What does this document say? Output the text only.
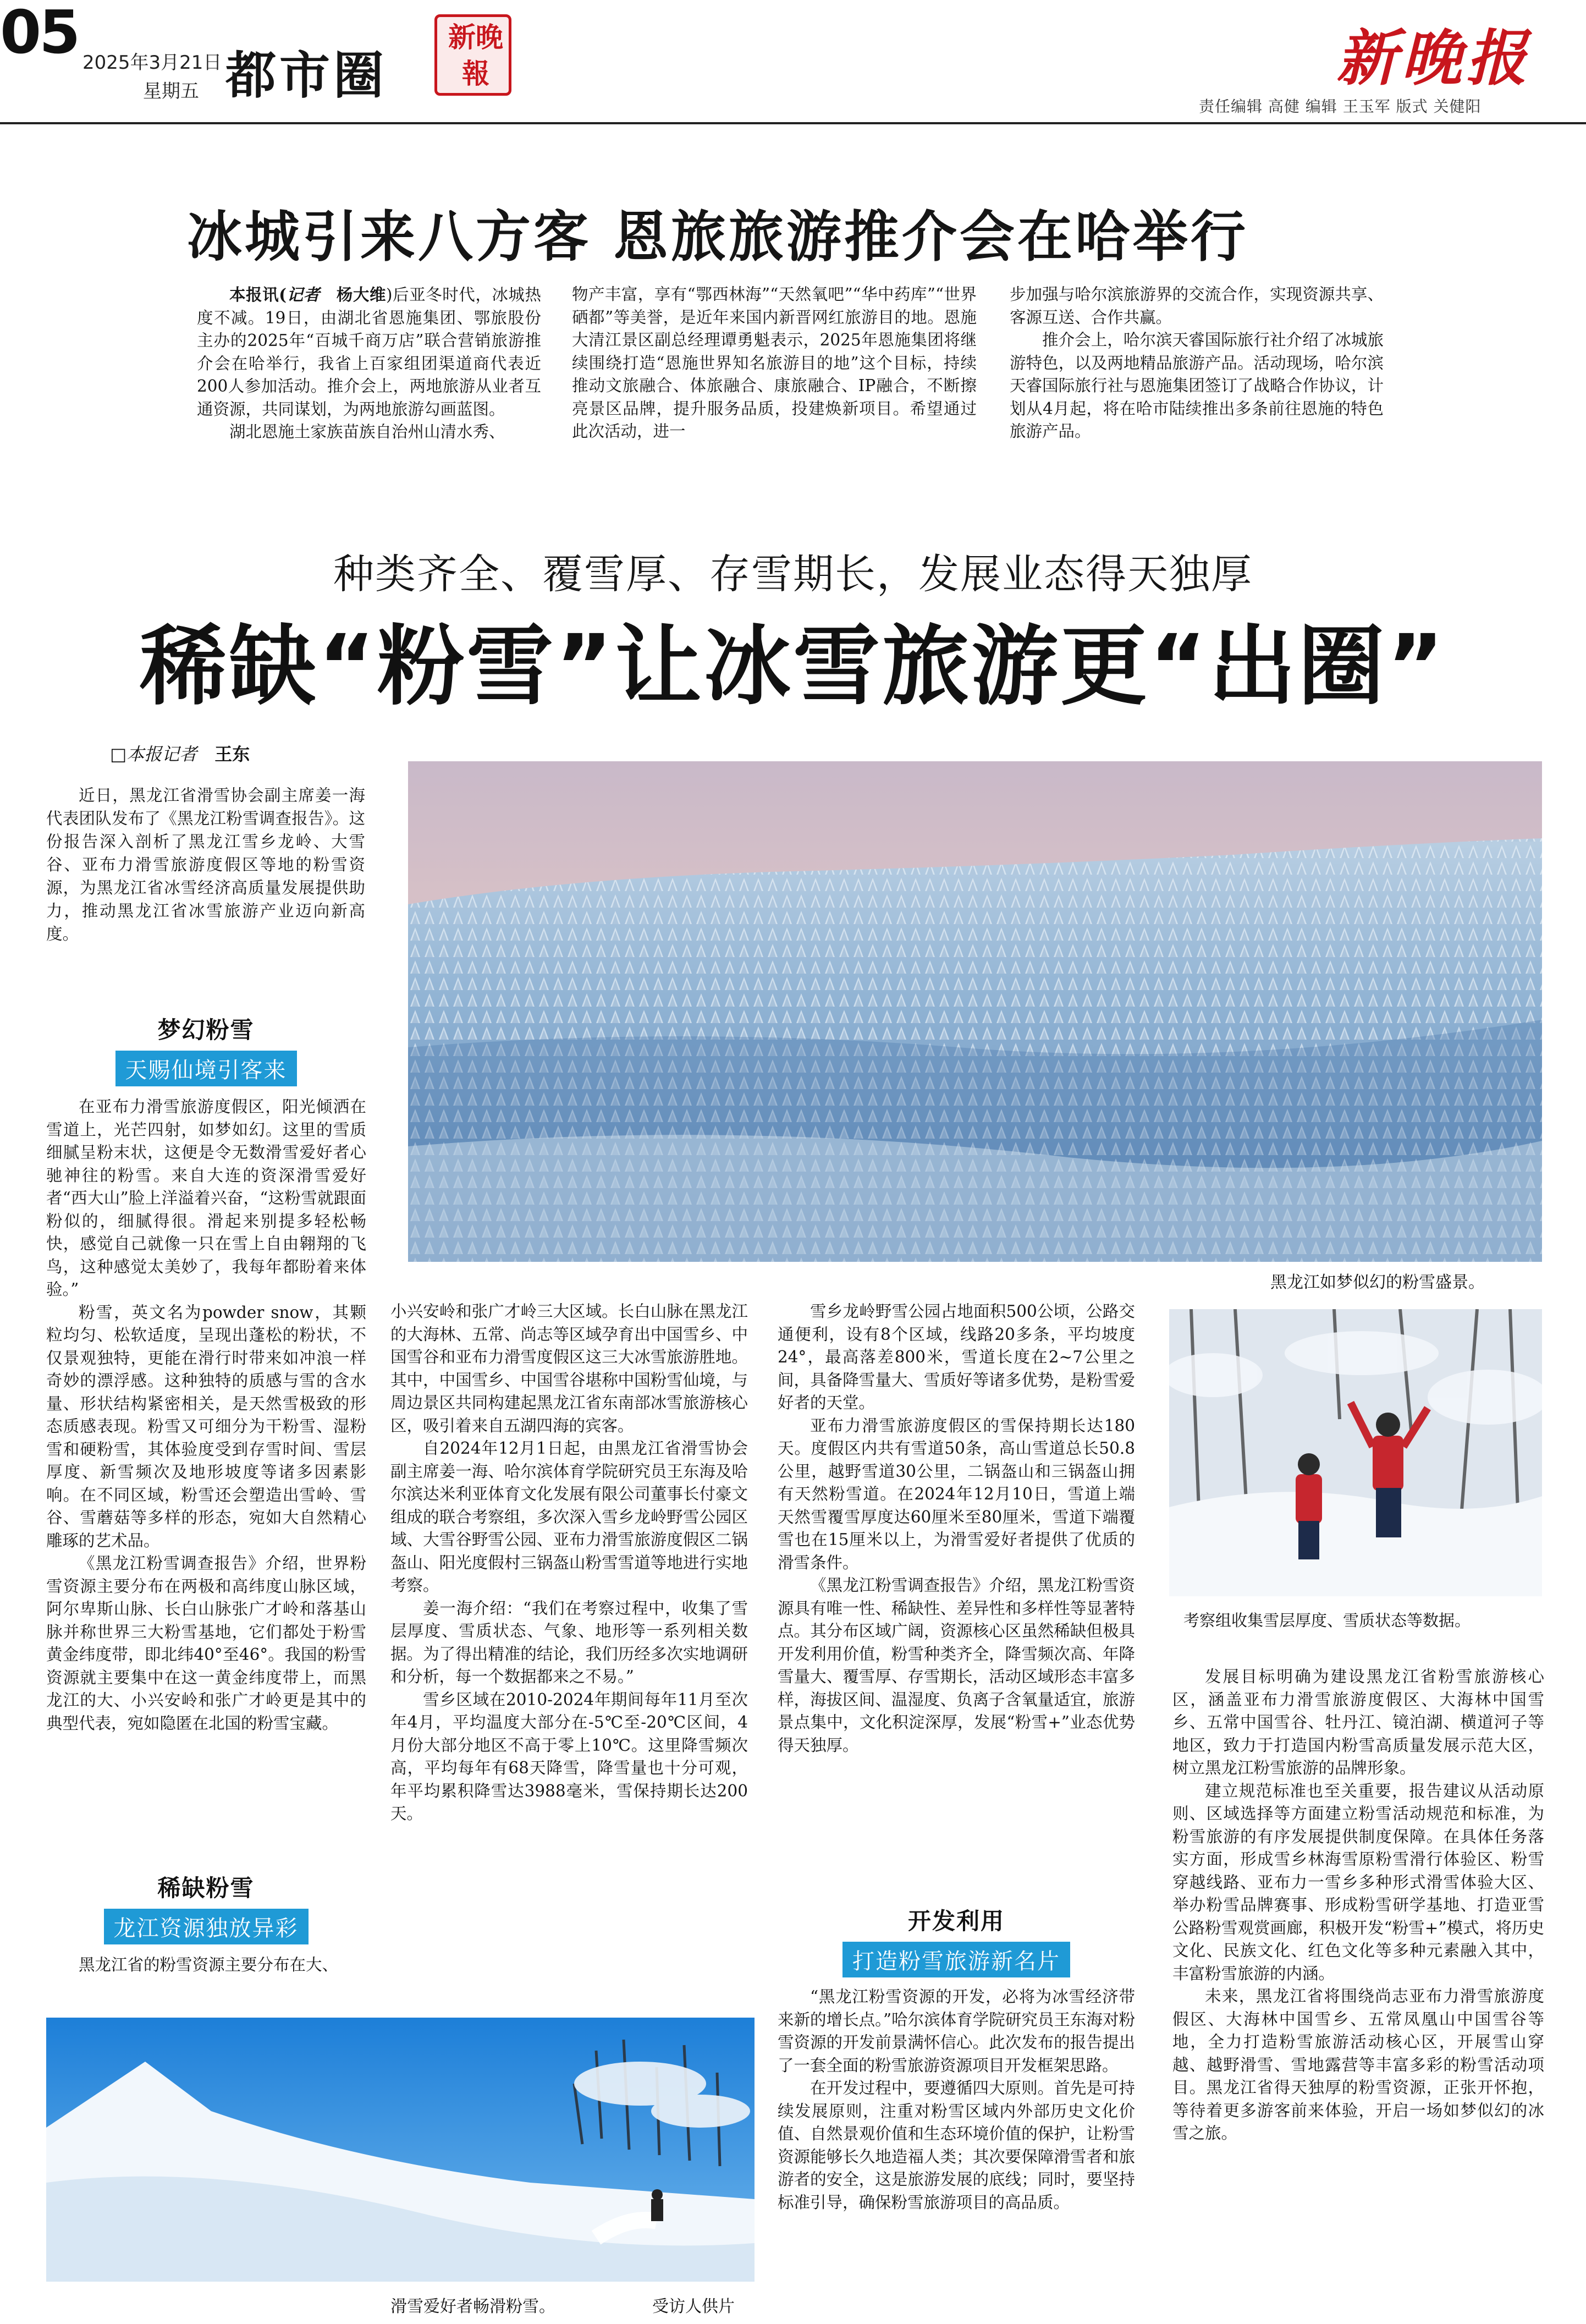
05 2025年3月21日
星期五 都市圈
新晚報	新晚报
责任编辑 高健 编辑 王玉军 版式 关健阳
冰城引来八方客 恩旅旅游推介会在哈举行

本报讯(记者　 杨大维)后亚冬时代，冰城热度不减。19日，由湖北省恩施集团、鄂旅股份主办的2025年“百城千商万店”联合营销旅游推介会在哈举行，我省上百家组团渠道商代表近200人参加活动。推介会上，两地旅游从业者互通资源，共同谋划，为两地旅游勾画蓝图。

湖北恩施土家族苗族自治州山清水秀、

物产丰富，享有“鄂西林海”“天然氧吧”“华中药库”“世界硒都”等美誉，是近年来国内新晋网红旅游目的地。恩施大清江景区副总经理谭勇魁表示，2025年恩施集团将继续围绕打造“恩施世界知名旅游目的地”这个目标，持续推动文旅融合、体旅融合、康旅融合、IP融合，不断擦亮景区品牌，提升服务品质，投建焕新项目。希望通过此次活动，进一

步加强与哈尔滨旅游界的交流合作，实现资源共享、客源互送、合作共赢。

推介会上，哈尔滨天睿国际旅行社介绍了冰城旅游特色，以及两地精品旅游产品。活动现场，哈尔滨天睿国际旅行社与恩施集团签订了战略合作协议，计划从4月起，将在哈市陆续推出多条前往恩施的特色旅游产品。

种类齐全、覆雪厚、存雪期长，发展业态得天独厚
稀缺“粉雪”让冰雪旅游更“出圈”
□本报记者　 王东

近日，黑龙江省滑雪协会副主席姜一海代表团队发布了《黑龙江粉雪调查报告》。这份报告深入剖析了黑龙江雪乡龙岭、大雪谷、亚布力滑雪旅游度假区等地的粉雪资源，为黑龙江省冰雪经济高质量发展提供助力，推动黑龙江省冰雪旅游产业迈向新高度。

黑龙江如梦似幻的粉雪盛景。
梦幻粉雪
天赐仙境引客来

在亚布力滑雪旅游度假区，阳光倾洒在雪道上，光芒四射，如梦如幻。这里的雪质细腻呈粉末状，这便是令无数滑雪爱好者心驰神往的粉雪。来自大连的资深滑雪爱好者“西大山”脸上洋溢着兴奋，“这粉雪就跟面粉似的，细腻得很。滑起来别提多轻松畅快，感觉自己就像一只在雪上自由翱翔的飞鸟，这种感觉太美妙了，我每年都盼着来体验。”

粉雪，英文名为powder snow，其颗粒均匀、松软适度，呈现出蓬松的粉状，不仅景观独特，更能在滑行时带来如冲浪一样奇妙的漂浮感。这种独特的质感与雪的含水量、形状结构紧密相关，是天然雪极致的形态质感表现。粉雪又可细分为干粉雪、湿粉雪和硬粉雪，其体验度受到存雪时间、雪层厚度、新雪频次及地形坡度等诸多因素影响。在不同区域，粉雪还会塑造出雪岭、雪谷、雪蘑菇等多样的形态，宛如大自然精心雕琢的艺术品。

《黑龙江粉雪调查报告》介绍，世界粉雪资源主要分布在两极和高纬度山脉区域，阿尔卑斯山脉、长白山脉张广才岭和落基山脉并称世界三大粉雪基地，它们都处于粉雪黄金纬度带，即北纬40°至46°。我国的粉雪资源就主要集中在这一黄金纬度带上，而黑龙江的大、小兴安岭和张广才岭更是其中的典型代表，宛如隐匿在北国的粉雪宝藏。

稀缺粉雪
龙江资源独放异彩

黑龙江省的粉雪资源主要分布在大、

小兴安岭和张广才岭三大区域。长白山脉在黑龙江的大海林、五常、尚志等区域孕育出中国雪乡、中国雪谷和亚布力滑雪度假区这三大冰雪旅游胜地。其中，中国雪乡、中国雪谷堪称中国粉雪仙境，与周边景区共同构建起黑龙江省东南部冰雪旅游核心区，吸引着来自五湖四海的宾客。

自2024年12月1日起，由黑龙江省滑雪协会副主席姜一海、哈尔滨体育学院研究员王东海及哈尔滨达米利亚体育文化发展有限公司董事长付豪文组成的联合考察组，多次深入雪乡龙岭野雪公园区域、大雪谷野雪公园、亚布力滑雪旅游度假区二锅盔山、阳光度假村三锅盔山粉雪雪道等地进行实地考察。

姜一海介绍：“我们在考察过程中，收集了雪层厚度、雪质状态、气象、地形等一系列相关数据。为了得出精准的结论，我们历经多次实地调研和分析，每一个数据都来之不易。”

雪乡区域在2010-2024年期间每年11月至次年4月，平均温度大部分在-5℃至-20℃区间，4月份大部分地区不高于零上10℃。这里降雪频次高，平均每年有68天降雪，降雪量也十分可观，年平均累积降雪达3988毫米，雪保持期长达200天。

雪乡龙岭野雪公园占地面积500公顷，公路交通便利，设有8个区域，线路20多条，平均坡度24°，最高落差800米，雪道长度在2~7公里之间，具备降雪量大、雪质好等诸多优势，是粉雪爱好者的天堂。

亚布力滑雪旅游度假区的雪保持期长达180天。度假区内共有雪道50条，高山雪道总长50.8公里，越野雪道30公里，二锅盔山和三锅盔山拥有天然粉雪道。在2024年12月10日，雪道上端天然雪覆雪厚度达60厘米至80厘米，雪道下端覆雪也在15厘米以上，为滑雪爱好者提供了优质的滑雪条件。

《黑龙江粉雪调查报告》介绍，黑龙江粉雪资源具有唯一性、稀缺性、差异性和多样性等显著特点。其分布区域广阔，资源核心区虽然稀缺但极具开发利用价值，粉雪种类齐全，降雪频次高、年降雪量大、覆雪厚、存雪期长，活动区域形态丰富多样，海拔区间、温湿度、负离子含氧量适宜，旅游景点集中，文化积淀深厚，发展“粉雪+”业态优势得天独厚。

开发利用
打造粉雪旅游新名片

“黑龙江粉雪资源的开发，必将为冰雪经济带来新的增长点。”哈尔滨体育学院研究员王东海对粉雪资源的开发前景满怀信心。此次发布的报告提出了一套全面的粉雪旅游资源项目开发框架思路。

在开发过程中，要遵循四大原则。首先是可持续发展原则，注重对粉雪区域内外部历史文化价值、自然景观价值和生态环境价值的保护，让粉雪资源能够长久地造福人类；其次要保障滑雪者和旅游者的安全，这是旅游发展的底线；同时，要坚持标准引导，确保粉雪旅游项目的高品质。

考察组收集雪层厚度、雪质状态等数据。

发展目标明确为建设黑龙江省粉雪旅游核心区，涵盖亚布力滑雪旅游度假区、大海林中国雪乡、五常中国雪谷、牡丹江、镜泊湖、横道河子等地区，致力于打造国内粉雪高质量发展示范大区，树立黑龙江粉雪旅游的品牌形象。

建立规范标准也至关重要，报告建议从活动原则、区域选择等方面建立粉雪活动规范和标准，为粉雪旅游的有序发展提供制度保障。在具体任务落实方面，形成雪乡林海雪原粉雪滑行体验区、粉雪穿越线路、亚布力一雪乡多种形式滑雪体验大区、举办粉雪品牌赛事、形成粉雪研学基地、打造亚雪公路粉雪观赏画廊，积极开发“粉雪+”模式，将历史文化、民族文化、红色文化等多种元素融入其中，丰富粉雪旅游的内涵。

未来，黑龙江省将围绕尚志亚布力滑雪旅游度假区、大海林中国雪乡、五常凤凰山中国雪谷等地，全力打造粉雪旅游活动核心区，开展雪山穿越、越野滑雪、雪地露营等丰富多彩的粉雪活动项目。黑龙江省得天独厚的粉雪资源，正张开怀抱，等待着更多游客前来体验，开启一场如梦似幻的冰雪之旅。

滑雪爱好者畅滑粉雪。	受访人供片
